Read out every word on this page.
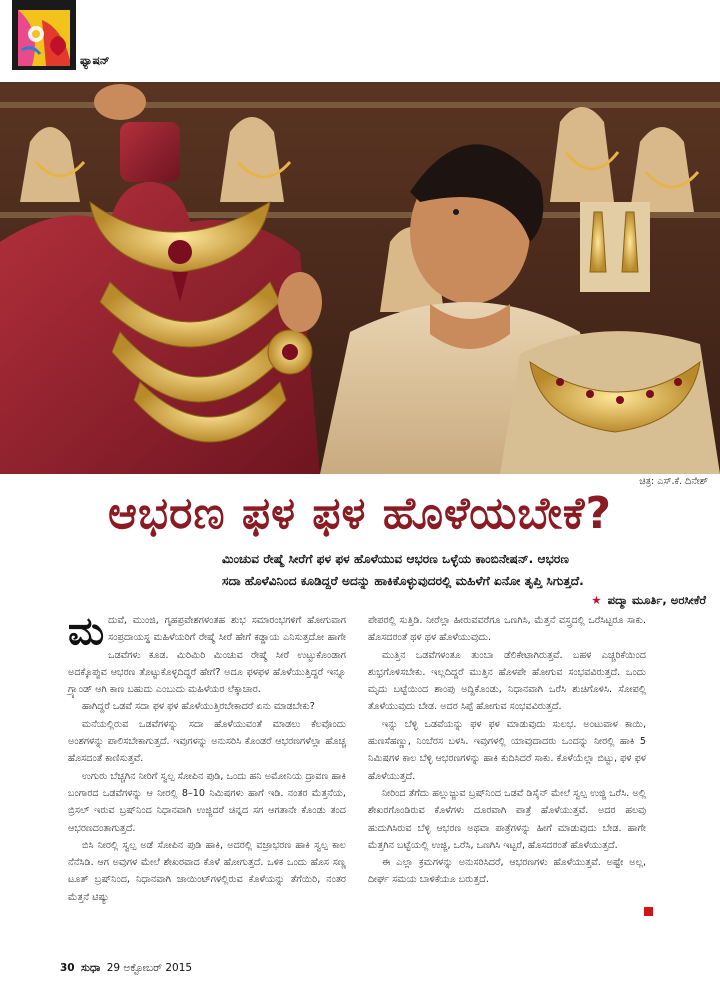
ಫ್ಯಾಷನ್
ಚಿತ್ರ: ಎಸ್.ಕೆ. ದಿನೇಶ್
ಆಭರಣ ಫಳ ಫಳ ಹೊಳೆಯಬೇಕೆ?

ಮಿಂಚುವ ರೇಷ್ಮೆ ಸೀರೆಗೆ ಫಳ ಫಳ ಹೊಳೆಯುವ ಆಭರಣ ಒಳ್ಳೆಯ ಕಾಂಬಿನೇಷನ್. ಆಭರಣ

ಸದಾ ಹೊಳೆವಿನಿಂದ ಕೂಡಿದ್ದರೆ ಅದನ್ನು ಹಾಕಿಕೊಳ್ಳುವುದರಲ್ಲಿ ಮಹಿಳೆಗೆ ಏನೋ ತೃಪ್ತಿ ಸಿಗುತ್ತದೆ.

★ ಪದ್ಮಾ ಮೂರ್ತಿ, ಅರಸೀಕೆರೆ
ಮ ದುವೆ, ಮುಂಜಿ, ಗೃಹಪ್ರವೇಶಗಳಂತಹ ಶುಭ ಸಮಾರಂಭಗಳಿಗೆ ಹೋಗುವಾಗ ಸಂಪ್ರದಾಯಸ್ಥ ಮಹಿಳೆಯರಿಗೆ ರೇಷ್ಮೆ ಸೀರೆ ಹೇಗೆ ಕಡ್ಡಾಯ ಎನಿಸುತ್ತದೋ ಹಾಗೇ ಒಡವೆಗಳು ಕೂಡ. ಮಿರಿಮಿರಿ ಮಿಂಚುವ ರೇಷ್ಮೆ ಸೀರೆ ಉಟ್ಟುಕೊಂಡಾಗ ಅದಕ್ಕೊಪ್ಪುವ ಆಭರಣ ತೊಟ್ಟುಕೊಳ್ಳದಿದ್ದರೆ ಹೇಗೆ? ಅದೂ ಫಳಫಳ ಹೊಳೆಯುತ್ತಿದ್ದರೆ ಇನ್ನೂ ಗ್ರ್ಯಾಂಡ್ ಆಗಿ ಕಾಣ ಬಹುದು ಎಂಬುದು ಮಹಿಳೆಯರ ಲೆಕ್ಕಾಚಾರ.

ಹಾಗಿದ್ದರೆ ಒಡವೆ ಸದಾ ಫಳ ಫಳ ಹೊಳೆಯುತ್ತಿರಬೇಕಾದರೆ ಏನು ಮಾಡಬೇಕು?

ಮನೆಯಲ್ಲಿರುವ ಒಡವೆಗಳನ್ನು ಸದಾ ಹೊಳೆಯುವಂತೆ ಮಾಡಲು ಕೆಲವೊಂದು ಅಂಶಗಳನ್ನು ಪಾಲಿಸಬೇಕಾಗುತ್ತದೆ. ಇವುಗಳನ್ನು ಅನುಸರಿಸಿ ಕೊಂಡರೆ ಆಭರಣಗಳೆಲ್ಲಾ ಹೊಚ್ಚ ಹೊಸದಂತೆ ಕಾಣಿಸುತ್ತವೆ.

ಉಗುರು ಬೆಚ್ಚಗಿನ ನೀರಿಗೆ ಸ್ವಲ್ಪ ಸೋಪಿನ ಪುಡಿ, ಒಂದು ಹನಿ ಅಮೋನಿಯ ದ್ರಾವಣ ಹಾಕಿ ಬಂಗಾರದ ಒಡವೆಗಳನ್ನು ಆ ನೀರಲ್ಲಿ 8–10 ನಿಮಿಷಗಳು ಹಾಗೆ ಇಡಿ. ನಂತರ ಮೆತ್ತನೆಯ, ಬ್ರಿಸಲ್ ಇರುವ ಬ್ರಷ್‌ನಿಂದ ನಿಧಾನವಾಗಿ ಉಜ್ಜಿದರೆ ಚಿನ್ನದ ಸಗ ಆಗತಾನೇ ಕೊಂಡು ತಂದ ಆಭರಣದಂತಾಗುತ್ತದೆ.

ಬಿಸಿ ನೀರಲ್ಲಿ ಸ್ವಲ್ಪ ಅಡೆ ಸೋಪಿನ ಪುಡಿ ಹಾಕಿ, ಅದರಲ್ಲಿ ವಜ್ರಾಭರಣ ಹಾಕಿ ಸ್ವಲ್ಪ ಕಾಲ ನೆನೆಸಿಡಿ. ಆಗ ಅವುಗಳ ಮೇಲೆ ಶೇಖರವಾದ ಕೊಳೆ ಹೋಗುತ್ತದೆ. ಒಳಿಕ ಒಂದು ಹೊಸ ಸಣ್ಣ ಟೂತ್ ಬ್ರಷ್‌ನಿಂದ, ನಿಧಾನವಾಗಿ ಜಾಯಿಂಟ್‌ಗಳಲ್ಲಿರುವ ಕೊಳೆಯನ್ನು ತೆಗೆಯಿರಿ, ನಂತರ ಮೆತ್ತನೆ ಟಿಷ್ಯು

ಪೇಪರಲ್ಲಿ ಸುತ್ತಿಡಿ. ನೀರೆಲ್ಲಾ ಹೀರುವವರೆಗೂ ಒಣಗಿಸಿ, ಮೆತ್ತನೆ ವಸ್ತ್ರದಲ್ಲಿ ಒರೆಸಿಟ್ಟರೂ ಸಾಕು. ಹೊಸದರಂತೆ ಥಳ ಥಳ ಹೊಳೆಯುವುದು.

ಮುತ್ತಿನ ಒಡವೆಗಳಂತೂ ತುಂಬಾ ಡೆಲಿಕೇಟಾಗಿರುತ್ತವೆ. ಬಹಳ ಎಚ್ಚರಿಕೆಯಿಂದ ಶುಭ್ರಗೊಳಿಸಬೇಕು. ಇಲ್ಲದಿದ್ದರೆ ಮುತ್ತಿನ ಹೊಳಪೇ ಹೋಗುವ ಸಂಭವವಿರುತ್ತದೆ. ಒಂದು ಮೃದು ಬಟ್ಟೆಯಿಂದ ಶಾಂಪು ಅದ್ದಿಕೊಂಡು, ನಿಧಾನವಾಗಿ ಒರೆಸಿ ಶುಚಿಗೊಳಿಸಿ. ಸೋಪಲ್ಲಿ ತೊಳೆಯುವುದು ಬೇಡ. ಅದರ ಸಿಪ್ಪೆ ಹೋಗುವ ಸಂಭವವಿರುತ್ತದೆ.

ಇನ್ನು ಬೆಳ್ಳಿ ಒಡವೆಯನ್ನು ಫಳ ಫಳ ಮಾಡುವುದು ಸುಲಭ. ಅಂಟುವಾಳ ಕಾಯಿ, ಹುಣಸೆಹಣ್ಣು, ನಿಂಬೆರಸ ಬಳಸಿ. ಇವುಗಳಲ್ಲಿ ಯಾವುದಾದರು ಒಂದನ್ನು ನೀರಲ್ಲಿ ಹಾಕಿ 5 ನಿಮಿಷಗಳ ಕಾಲ ಬೆಳ್ಳಿ ಆಭರಣಗಳನ್ನು ಹಾಕಿ ಕುದಿಸಿದರೆ ಸಾಕು. ಕೊಳೆಯೆಲ್ಲಾ ಬಿಟ್ಟು, ಫಳ ಫಳ ಹೊಳೆಯುತ್ತದೆ.

ನೀರಿಂದ ತೆಗೆದು ಹಲ್ಲುಜ್ಜುವ ಬ್ರಷ್‌ನಿಂದ ಒಡವೆ ಡಿಸೈನ್ ಮೇಲೆ ಸ್ವಲ್ಪ ಉಜ್ಜಿ ಒರೆಸಿ. ಅಲ್ಲಿ ಶೇಖರಗೊಂಡಿರುವ ಕೊಳೆಗಳು ದೂರವಾಗಿ ಪಾತ್ರೆ ಹೊಳೆಯುತ್ತವೆ. ಅದರ ಹಲವು ಹುದುಗಿಸಿರುವ ಬೆಳ್ಳಿ ಆಭರಣ ಅಥವಾ ಪಾತ್ರೆಗಳನ್ನು ಹೀಗೆ ಮಾಡುವುದು ಬೇಡ. ಹಾಗೇ ಮೆತ್ತಗಿನ ಬಟ್ಟೆಯಲ್ಲಿ ಉಜ್ಜಿ, ಒರೆಸಿ, ಒಣಗಿಸಿ ಇಟ್ಟರೆ, ಹೊಸದರಂತೆ ಹೊಳೆಯುತ್ತದೆ.

ಈ ಎಲ್ಲಾ ಕ್ರಮಗಳನ್ನು ಅನುಸರಿಸಿದರೆ, ಆಭರಣಗಳು ಹೊಳೆಯುತ್ತವೆ. ಅಷ್ಟೇ ಅಲ್ಲ, ದೀರ್ಘ ಸಮಯ ಬಾಳಿಕೆಯೂ ಬರುತ್ತದೆ.

30 ಸುಧಾ 29 ಅಕ್ಟೋಬರ್ 2015
